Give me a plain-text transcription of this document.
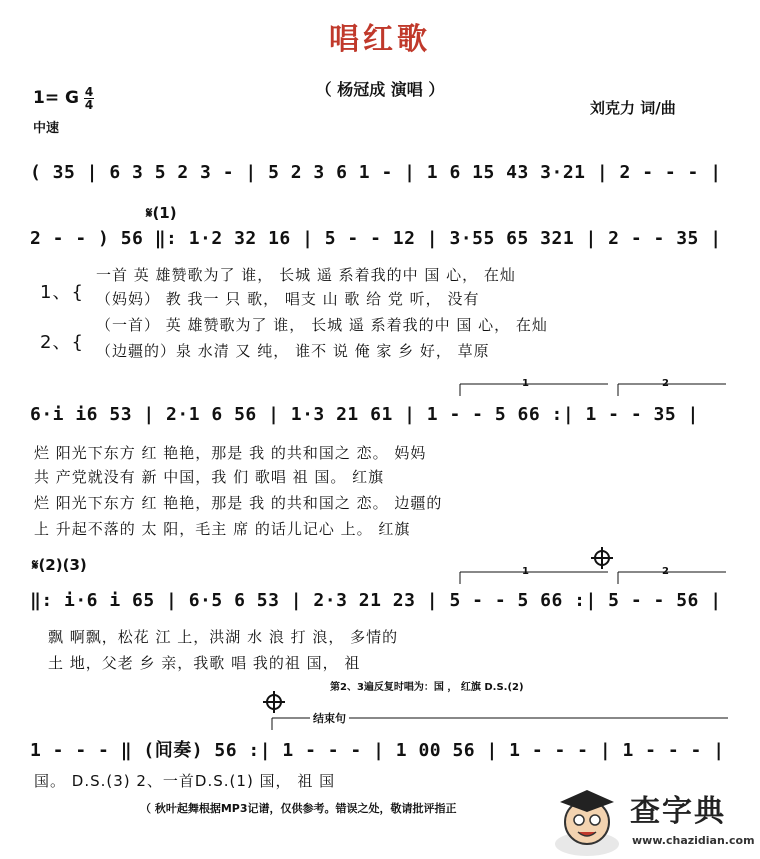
唱红歌
（ 杨冠成 演唱 ）
1= G 4
4
中速
刘克力 词/曲
( 35 | 6 3 5 2 3 - | 5 2 3 6 1 - | 1 6 15 43 3·21 | 2 - - - |
𝄋(1)
2 - - ) 56 ‖: 1·2 32 16 | 5 - - 12 | 3·55 65 321 | 2 - - 35 |
1、{
一首 英 雄赞歌为了 谁， 长城 遥 系着我的中 国 心， 在灿
（妈妈） 教 我一 只 歌， 唱支 山 歌 给 党 听， 没有
2、{
（一首） 英 雄赞歌为了 谁， 长城 遥 系着我的中 国 心， 在灿
（边疆的）泉 水清 又 纯， 谁不 说 俺 家 乡 好， 草原
1	2
6·i i6 53 | 2·1 6 56 | 1·3 21 61 | 1 - - 5 66 :| 1 - - 35 |
烂 阳光下东方 红 艳艳，那是 我 的共和国之 恋。 妈妈
共 产党就没有 新 中国，我 们 歌唱 祖 国。 红旗
烂 阳光下东方 红 艳艳，那是 我 的共和国之 恋。 边疆的
上 升起不落的 太 阳，毛主 席 的话儿记心 上。 红旗
𝄋(2)(3)	1	2
‖: i·6 i 65 | 6·5 6 53 | 2·3 21 23 | 5 - - 5 66 :| 5 - - 56 |
飘 啊飘，松花 江 上，洪湖 水 浪 打 浪， 多情的
土 地，父老 乡 亲，我歌 唱 我的祖 国， 祖
第2、3遍反复时唱为：国 ， 红旗 D.S.(2)
结束句
1 - - - ‖ (间奏) 56 :| 1 - - - | 1 00 56 | 1 - - - | 1 - - - |
国。 D.S.(3) 2、一首D.S.(1) 国， 祖 国
（ 秋叶起舞根据MP3记谱，仅供参考。错误之处，敬请批评指正	查字典
www.chazidian.com
